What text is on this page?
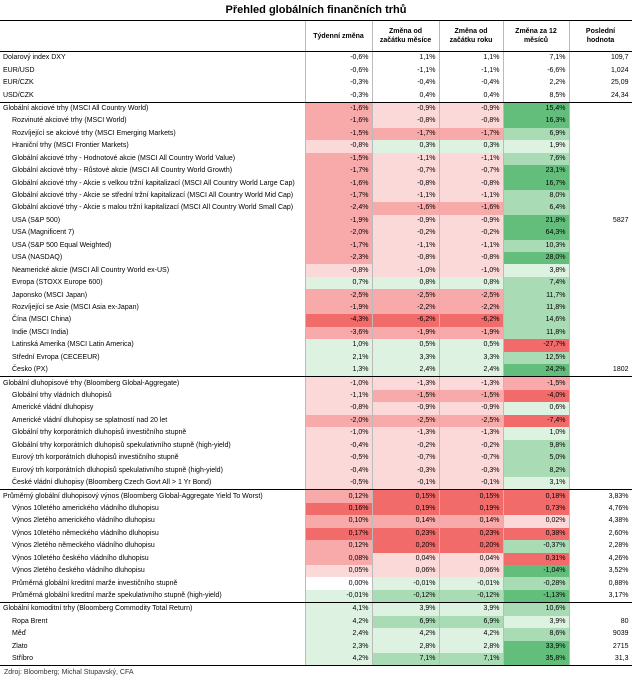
Přehled globálních finančních trhů
	Týdenní změna	Změna od začátku měsíce	Změna od začátku roku	Změna za 12 měsíců	Poslední hodnota
Dolarový index DXY	-0,6%	1,1%	1,1%	7,1%	109,7
EUR/USD	-0,6%	-1,1%	-1,1%	-6,6%	1,024
EUR/CZK	-0,3%	-0,4%	-0,4%	2,2%	25,09
USD/CZK	-0,3%	0,4%	0,4%	8,5%	24,34
Globální akciové trhy (MSCI All Country World)	-1,6%	-0,9%	-0,9%	15,4%	
Rozvinuté akciové trhy (MSCI World)	-1,6%	-0,8%	-0,8%	16,3%	
Rozvíjející se akciové trhy (MSCI Emerging Markets)	-1,5%	-1,7%	-1,7%	6,9%	
Hraniční trhy (MSCI Frontier Markets)	-0,8%	0,3%	0,3%	1,9%	
Globální akciové trhy - Hodnotové akcie (MSCI All Country World Value)	-1,5%	-1,1%	-1,1%	7,6%	
Globální akciové trhy - Růstové akcie (MSCI All Country World Growth)	-1,7%	-0,7%	-0,7%	23,1%	
Globální akciové trhy - Akcie s velkou tržní kapitalizací (MSCI All Country World Large Cap)	-1,6%	-0,8%	-0,8%	16,7%	
Globální akciové trhy - Akcie se střední tržní kapitalizací (MSCI All Country World Mid Cap)	-1,7%	-1,1%	-1,1%	8,0%	
Globální akciové trhy - Akcie s malou tržní kapitalizací (MSCI All Country World Small Cap)	-2,4%	-1,6%	-1,6%	6,4%	
USA (S&P 500)	-1,9%	-0,9%	-0,9%	21,8%	5827
USA (Magnificent 7)	-2,0%	-0,2%	-0,2%	64,3%	
USA (S&P 500 Equal Weighted)	-1,7%	-1,1%	-1,1%	10,3%	
USA (NASDAQ)	-2,3%	-0,8%	-0,8%	28,0%	
Neamerické akcie (MSCI All Country World ex-US)	-0,8%	-1,0%	-1,0%	3,8%	
Evropa (STOXX Europe 600)	0,7%	0,8%	0,8%	7,4%	
Japonsko (MSCI Japan)	-2,5%	-2,5%	-2,5%	11,7%	
Rozvíjející se Asie (MSCI Asia ex-Japan)	-1,9%	-2,2%	-2,2%	11,8%	
Čína (MSCI China)	-4,3%	-6,2%	-6,2%	14,6%	
Indie (MSCI India)	-3,6%	-1,9%	-1,9%	11,8%	
Latinská Amerika (MSCI Latin America)	1,0%	0,5%	0,5%	-27,7%	
Střední Evropa (CECEEUR)	2,1%	3,3%	3,3%	12,5%	
Česko (PX)	1,3%	2,4%	2,4%	24,2%	1802
Globální dluhopisové trhy (Bloomberg Global-Aggregate)	-1,0%	-1,3%	-1,3%	-1,5%	
Globální trhy vládních dluhopisů	-1,1%	-1,5%	-1,5%	-4,0%	
Americké vládní dluhopisy	-0,8%	-0,9%	-0,9%	0,6%	
Americké vládní dluhopisy se splatností nad 20 let	-2,0%	-2,5%	-2,5%	-7,4%	
Globální trhy korporátních dluhopisů investičního stupně	-1,0%	-1,3%	-1,3%	1,0%	
Globální trhy korporátních dluhopisů spekulativního stupně (high-yield)	-0,4%	-0,2%	-0,2%	9,8%	
Eurový trh korporátních dluhopisů investičního stupně	-0,5%	-0,7%	-0,7%	5,0%	
Eurový trh korporátních dluhopisů spekulativního stupně (high-yield)	-0,4%	-0,3%	-0,3%	8,2%	
České vládní dluhopisy (Bloomberg Czech Govt All > 1 Yr Bond)	-0,5%	-0,1%	-0,1%	3,1%	
Průměrný globální dluhopisový výnos (Bloomberg Global-Aggregate Yield To Worst)	0,12%	0,15%	0,15%	0,18%	3,83%
Výnos 10letého amerického vládního dluhopisu	0,16%	0,19%	0,19%	0,73%	4,76%
Výnos 2letého amerického vládního dluhopisu	0,10%	0,14%	0,14%	0,02%	4,38%
Výnos 10letého německého vládního dluhopisu	0,17%	0,23%	0,23%	0,38%	2,60%
Výnos 2letého německého vládního dluhopisu	0,12%	0,20%	0,20%	-0,37%	2,28%
Výnos 10letého českého vládního dluhopisu	0,08%	0,04%	0,04%	0,31%	4,26%
Výnos 2letého českého vládního dluhopisu	0,05%	0,06%	0,06%	-1,04%	3,52%
Průměrná globální kreditní marže investičního stupně	0,00%	-0,01%	-0,01%	-0,28%	0,88%
Průměrná globální kreditní marže spekulativního stupně (high-yield)	-0,01%	-0,12%	-0,12%	-1,13%	3,17%
Globální komoditní trhy (Bloomberg Commodity Total Return)	4,1%	3,9%	3,9%	10,6%	
Ropa Brent	4,2%	6,9%	6,9%	3,9%	80
Měď	2,4%	4,2%	4,2%	8,6%	9039
Zlato	2,3%	2,8%	2,8%	33,9%	2715
Stříbro	4,2%	7,1%	7,1%	35,8%	31,3
Zdroj: Bloomberg; Michal Stupavský, CFA
